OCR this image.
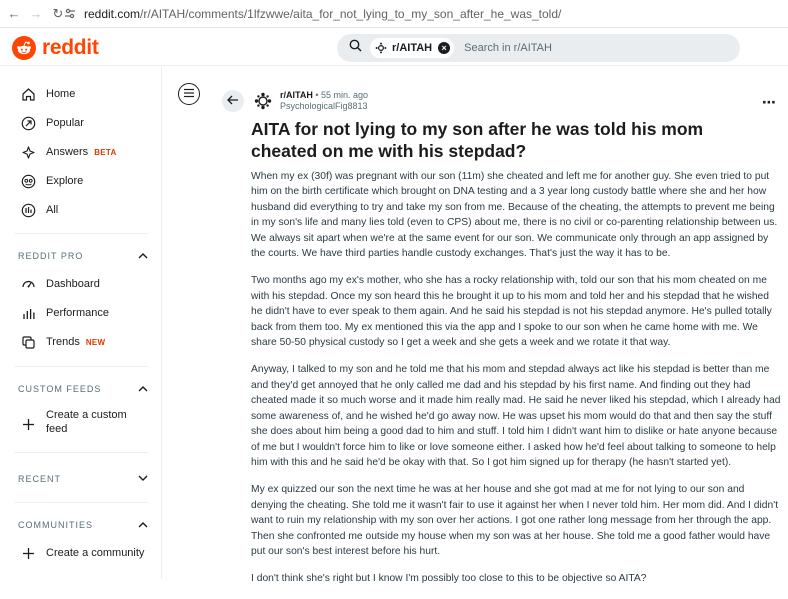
← → ↻ reddit.com /r/AITAH/comments/1lfzwwe/aita_for_not_lying_to_my_son_after_he_was_told/
reddit	r/AITAH	×	Search in r/AITAH
Home
Popular
Answers BETA
Explore
All
REDDIT PRO
Dashboard
Performance
Trends NEW
CUSTOM FEEDS
Create a custom feed
RECENT
COMMUNITIES
Create a community
r/AITAH • 55 min. ago
PsychologicalFig8813	⋯
AITA for not lying to my son after he was told his mom cheated on me with his stepdad?

When my ex (30f) was pregnant with our son (11m) she cheated and left me for another guy. She even tried to put him on the birth certificate which brought on DNA testing and a 3 year long custody battle where she and her how husband did everything to try and take my son from me. Because of the cheating, the attempts to prevent me being in my son's life and many lies told (even to CPS) about me, there is no civil or co-parenting relationship between us. We always sit apart when we're at the same event for our son. We communicate only through an app assigned by the courts. We have third parties handle custody exchanges. That's just the way it has to be.

Two months ago my ex's mother, who she has a rocky relationship with, told our son that his mom cheated on me with his stepdad. Once my son heard this he brought it up to his mom and told her and his stepdad that he wished he didn't have to ever speak to them again. And he said his stepdad is not his stepdad anymore. He's pulled totally back from them too. My ex mentioned this via the app and I spoke to our son when he came home with me. We share 50-50 physical custody so I get a week and she gets a week and we rotate it that way.

Anyway, I talked to my son and he told me that his mom and stepdad always act like his stepdad is better than me and they'd get annoyed that he only called me dad and his stepdad by his first name. And finding out they had cheated made it so much worse and it made him really mad. He said he never liked his stepdad, which I already had some awareness of, and he wished he'd go away now. He was upset his mom would do that and then say the stuff she does about him being a good dad to him and stuff. I told him I didn't want him to dislike or hate anyone because of me but I wouldn't force him to like or love someone either. I asked how he'd feel about talking to someone to help him with this and he said he'd be okay with that. So I got him signed up for therapy (he hasn't started yet).

My ex quizzed our son the next time he was at her house and she got mad at me for not lying to our son and denying the cheating. She told me it wasn't fair to use it against her when I never told him. Her mom did. And I didn't want to ruin my relationship with my son over her actions. I got one rather long message from her through the app. Then she confronted me outside my house when my son was at her house. She told me a good father would have put our son's best interest before his hurt.

I don't think she's right but I know I'm possibly too close to this to be objective so AITA?
